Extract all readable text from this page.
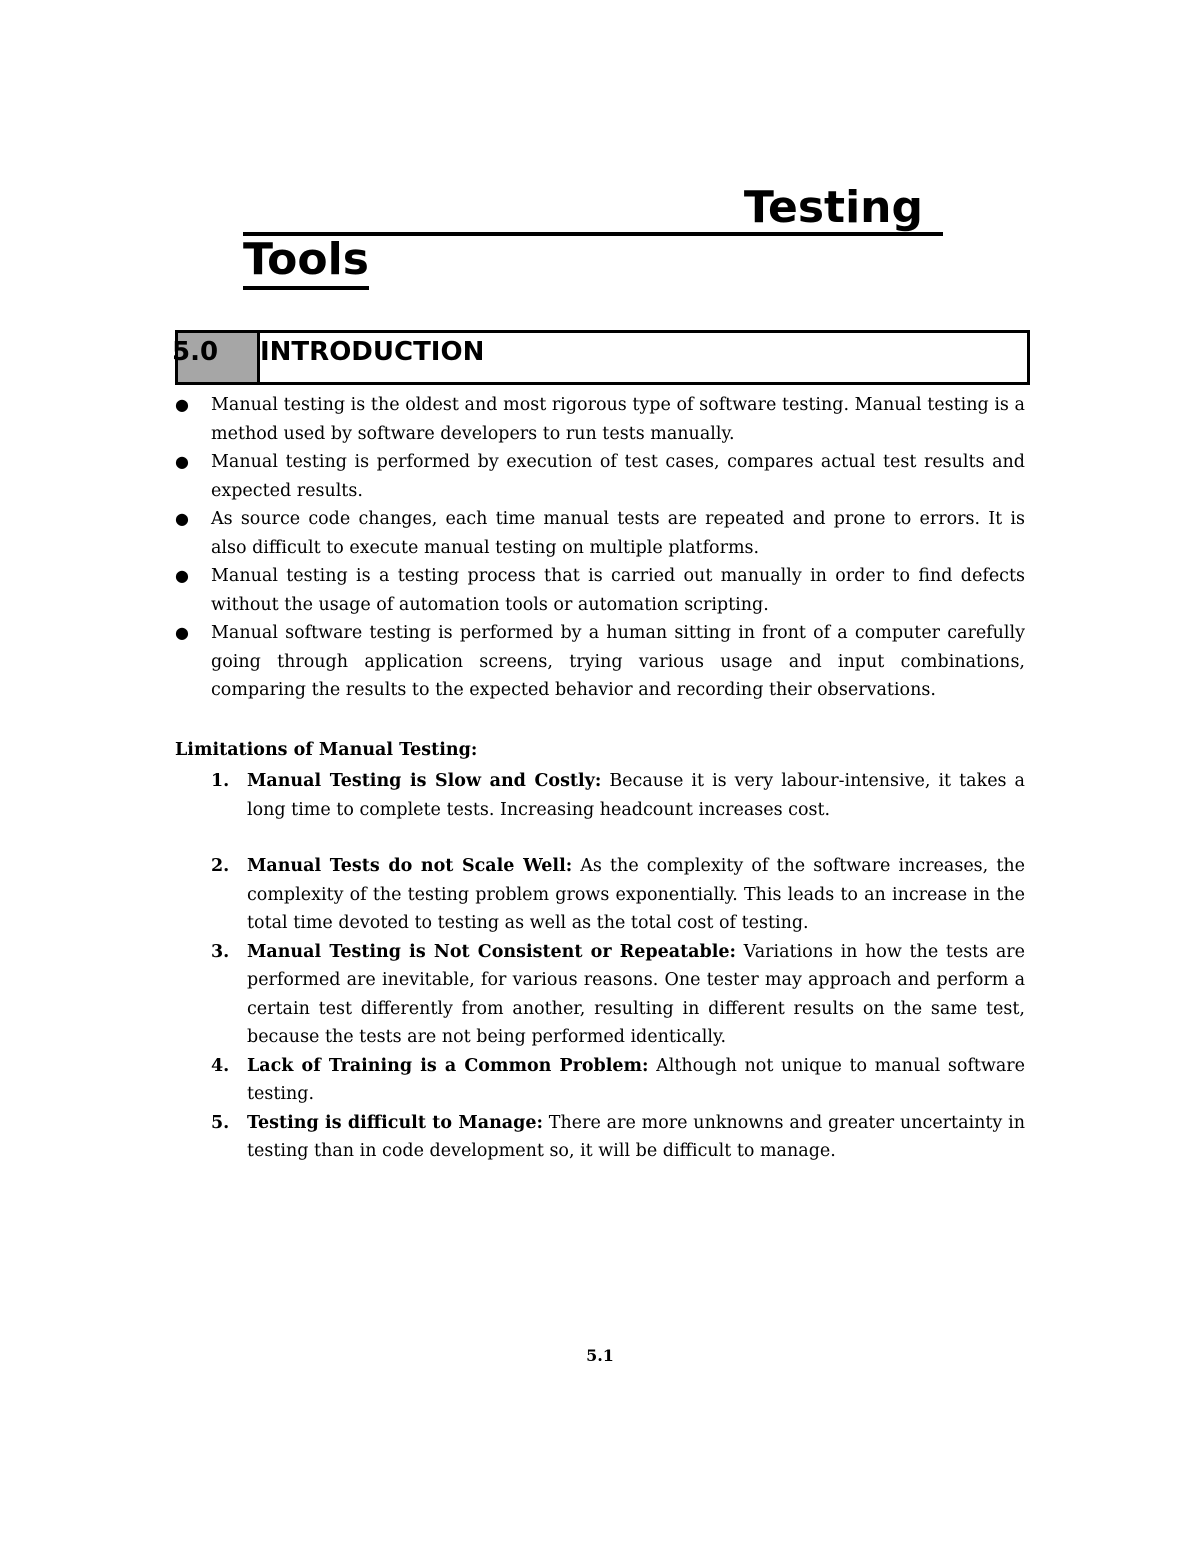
Testing
Tools
5.0	INTRODUCTION
● Manual testing is the oldest and most rigorous type of software testing. Manual testing is a method used by software developers to run tests manually.
● Manual testing is performed by execution of test cases, compares actual test results and expected results.
● As source code changes, each time manual tests are repeated and prone to errors. It is also difficult to execute manual testing on multiple platforms.
● Manual testing is a testing process that is carried out manually in order to find defects without the usage of automation tools or automation scripting.
● Manual software testing is performed by a human sitting in front of a computer carefully going through application screens, trying various usage and input combinations, comparing the results to the expected behavior and recording their observations.
Limitations of Manual Testing:
1. Manual Testing is Slow and Costly: Because it is very labour-intensive, it takes a long time to complete tests. Increasing headcount increases cost.
2. Manual Tests do not Scale Well: As the complexity of the software increases, the complexity of the testing problem grows exponentially. This leads to an increase in the total time devoted to testing as well as the total cost of testing.
3. Manual Testing is Not Consistent or Repeatable: Variations in how the tests are performed are inevitable, for various reasons. One tester may approach and perform a certain test differently from another, resulting in different results on the same test, because the tests are not being performed identically.
4. Lack of Training is a Common Problem: Although not unique to manual software testing.
5. Testing is difficult to Manage: There are more unknowns and greater uncertainty in testing than in code development so, it will be difficult to manage.
5.1
